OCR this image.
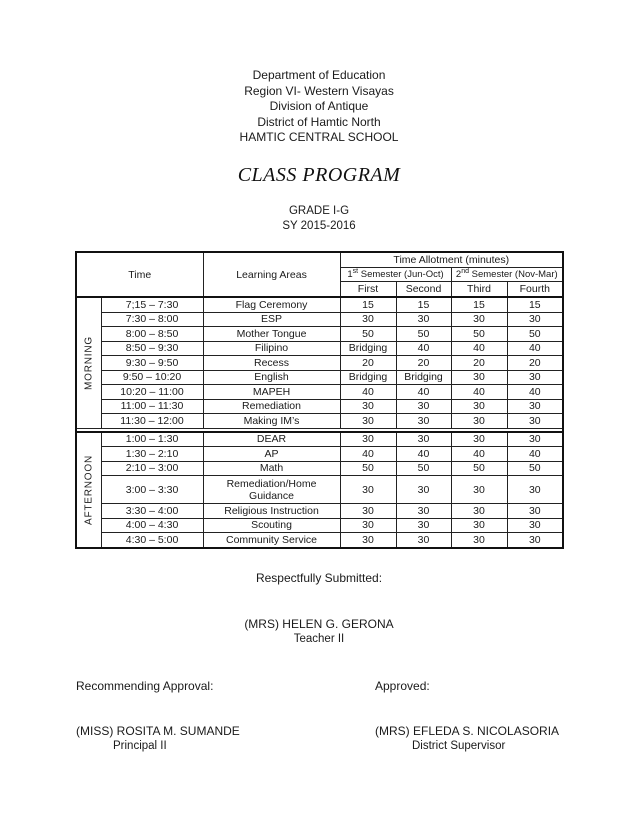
Department of Education
Region VI- Western Visayas
Division of Antique
District of Hamtic North
HAMTIC CENTRAL SCHOOL
CLASS PROGRAM
GRADE I-G
SY 2015-2016
Time		Learning Areas	Time Allotment (minutes)			
			1st Semester (Jun-Oct)		2nd Semester (Nov-Mar)	
			First	Second	Third	Fourth

MORNING	7;15 – 7:30	Flag Ceremony	15	15	15	15
	7:30 – 8:00	ESP	30	30	30	30
	8:00 – 8:50	Mother Tongue	50	50	50	50
	8:50 – 9:30	Filipino	Bridging	40	40	40
	9:30 – 9:50	Recess	20	20	20	20
	9:50 – 10:20	English	Bridging	Bridging	30	30
	10:20 – 11:00	MAPEH	40	40	40	40
	11:00 – 11:30	Remediation	30	30	30	30
	11:30 – 12:00	Making IM’s	30	30	30	30

AFTERNOON	1:00 – 1:30	DEAR	30	30	30	30
	1:30 – 2:10	AP	40	40	40	40
	2:10 – 3:00	Math	50	50	50	50
	3:00 – 3:30	Remediation/Home Guidance	30	30	30	30
	3:30 – 4:00	Religious Instruction	30	30	30	30
	4:00 – 4:30	Scouting	30	30	30	30
	4:30 – 5:00	Community Service	30	30	30	30
Respectfully Submitted:
(MRS) HELEN G. GERONA
Teacher II
Recommending Approval:	Approved:
(MISS) ROSITA M. SUMANDE
Principal II
(MRS) EFLEDA S. NICOLASORIA
District Supervisor
